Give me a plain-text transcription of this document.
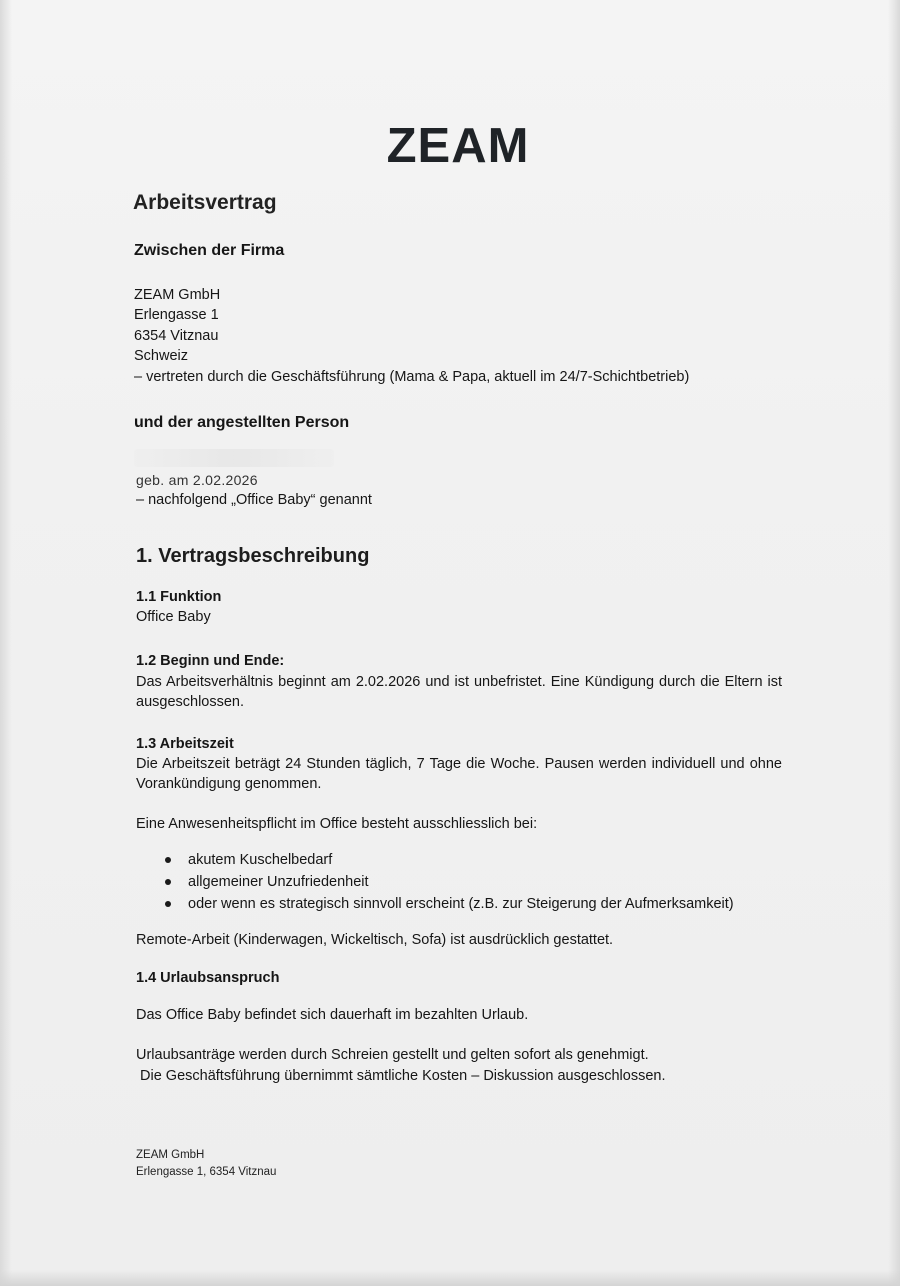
ZEAM
Arbeitsvertrag
Zwischen der Firma
ZEAM GmbH
Erlengasse 1
6354 Vitznau
Schweiz
– vertreten durch die Geschäftsführung (Mama & Papa, aktuell im 24/7-Schichtbetrieb)
und der angestellten Person
geb. am 2.02.2026
– nachfolgend „Office Baby“ genannt
1. Vertragsbeschreibung
1.1 Funktion
Office Baby
1.2 Beginn und Ende:
Das Arbeitsverhältnis beginnt am 2.02.2026 und ist unbefristet. Eine Kündigung durch die Eltern ist ausgeschlossen.
1.3 Arbeitszeit
Die Arbeitszeit beträgt 24 Stunden täglich, 7 Tage die Woche. Pausen werden individuell und ohne Vorankündigung genommen.
Eine Anwesenheitspflicht im Office besteht ausschliesslich bei:
akutem Kuschelbedarf
allgemeiner Unzufriedenheit
oder wenn es strategisch sinnvoll erscheint (z.B. zur Steigerung der Aufmerksamkeit)
Remote-Arbeit (Kinderwagen, Wickeltisch, Sofa) ist ausdrücklich gestattet.
1.4 Urlaubsanspruch
Das Office Baby befindet sich dauerhaft im bezahlten Urlaub.
Urlaubsanträge werden durch Schreien gestellt und gelten sofort als genehmigt.
Die Geschäftsführung übernimmt sämtliche Kosten – Diskussion ausgeschlossen.
ZEAM GmbH
Erlengasse 1, 6354 Vitznau
